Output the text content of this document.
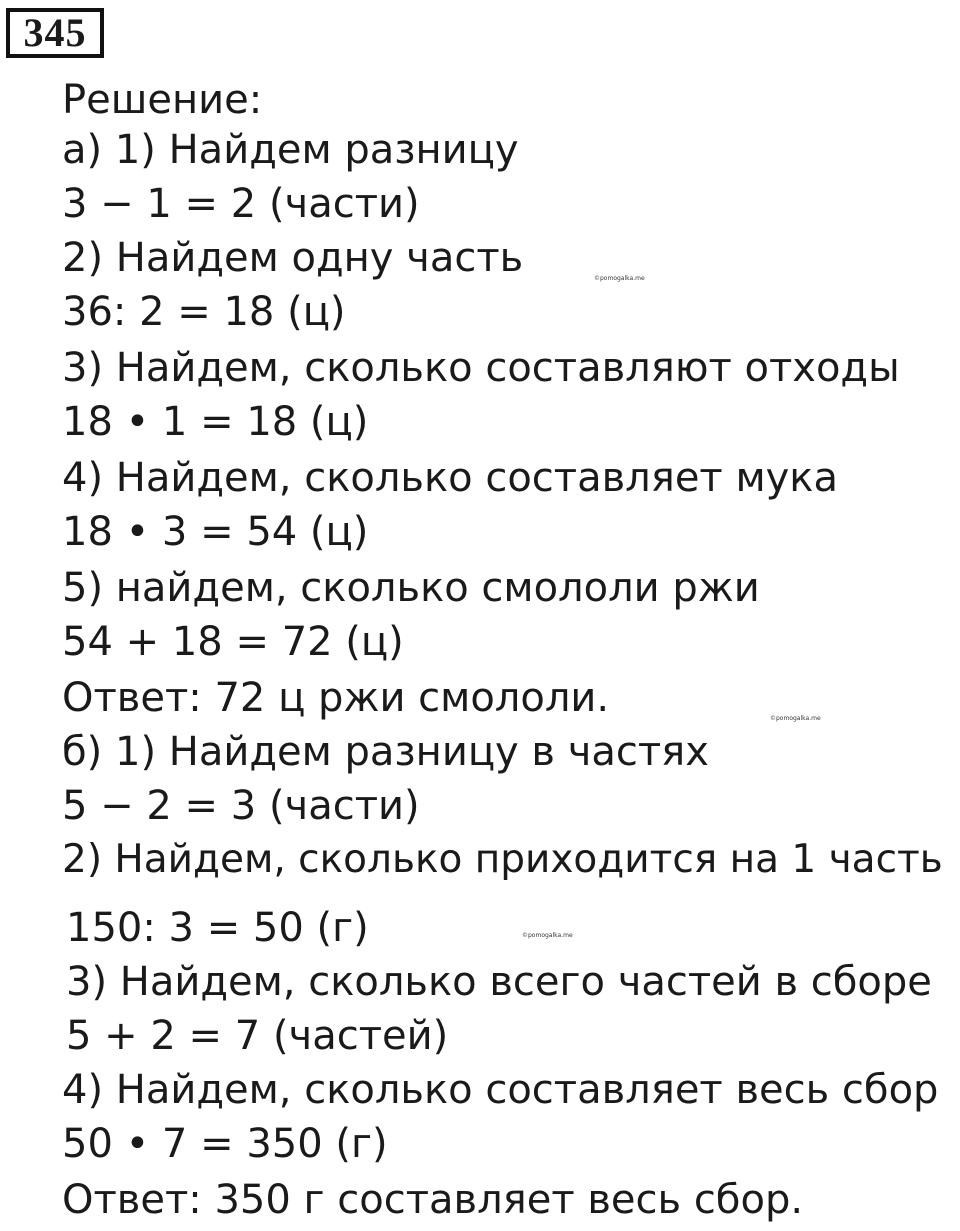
345
Решение:
а) 1) Найдем разницу
3 − 1 = 2 (части)
2) Найдем одну часть
36: 2 = 18 (ц)
3) Найдем, сколько составляют отходы
18 • 1 = 18 (ц)
4) Найдем, сколько составляет мука
18 • 3 = 54 (ц)
5) найдем, сколько смололи ржи
54 + 18 = 72 (ц)
Ответ: 72 ц ржи смололи.
б) 1) Найдем разницу в частях
5 − 2 = 3 (части)
2) Найдем, сколько приходится на 1 часть
150: 3 = 50 (г)
3) Найдем, сколько всего частей в сборе
5 + 2 = 7 (частей)
4) Найдем, сколько составляет весь сбор
50 • 7 = 350 (г)
Ответ: 350 г составляет весь сбор.
©pomogalka.me
©pomogalka.me
©pomogalka.me
